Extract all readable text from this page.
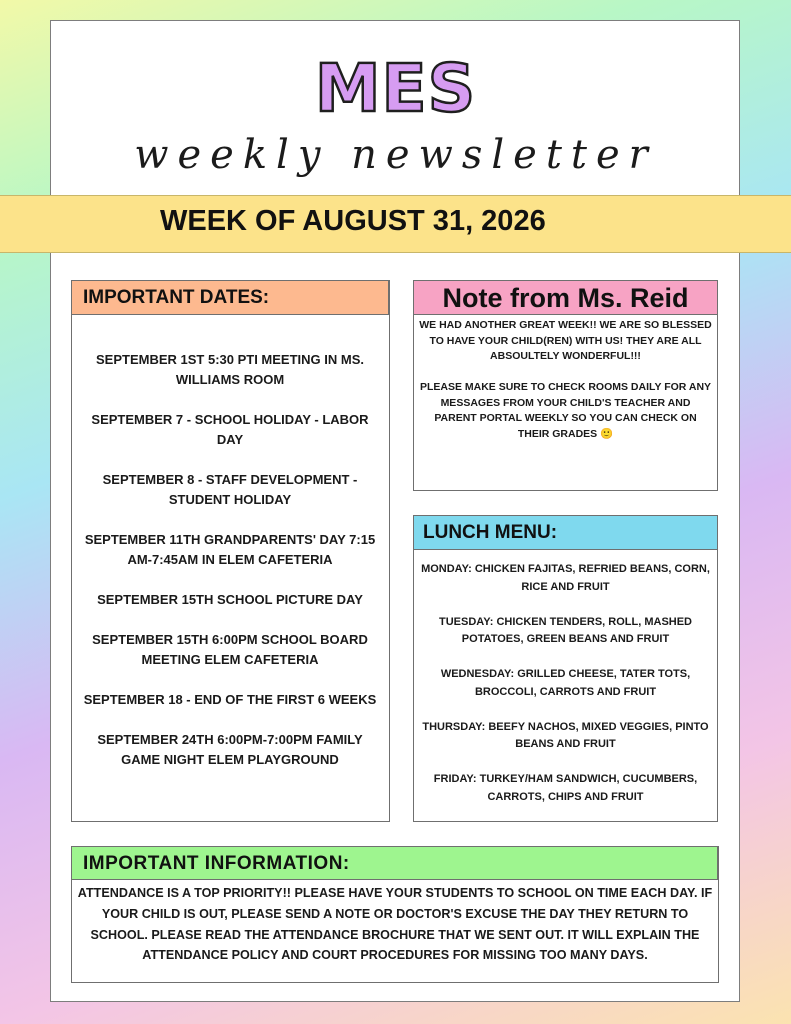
MES
weekly newsletter
WEEK OF AUGUST 31, 2026
IMPORTANT DATES:

SEPTEMBER 1ST 5:30 PTI MEETING IN MS. WILLIAMS ROOM

SEPTEMBER 7 - SCHOOL HOLIDAY - LABOR DAY

SEPTEMBER 8 - STAFF DEVELOPMENT - STUDENT HOLIDAY

SEPTEMBER 11TH GRANDPARENTS' DAY 7:15 AM-7:45AM IN ELEM CAFETERIA

SEPTEMBER 15TH SCHOOL PICTURE DAY

SEPTEMBER 15TH 6:00PM SCHOOL BOARD MEETING ELEM CAFETERIA

SEPTEMBER 18 - END OF THE FIRST 6 WEEKS

SEPTEMBER 24TH 6:00PM-7:00PM FAMILY GAME NIGHT ELEM PLAYGROUND

Note from Ms. Reid

WE HAD ANOTHER GREAT WEEK!! WE ARE SO BLESSED TO HAVE YOUR CHILD(REN) WITH US! THEY ARE ALL ABSOULTELY WONDERFUL!!!

PLEASE MAKE SURE TO CHECK ROOMS DAILY FOR ANY MESSAGES FROM YOUR CHILD'S TEACHER AND PARENT PORTAL WEEKLY SO YOU CAN CHECK ON THEIR GRADES 🙂

LUNCH MENU:

MONDAY: CHICKEN FAJITAS, REFRIED BEANS, CORN, RICE AND FRUIT

TUESDAY: CHICKEN TENDERS, ROLL, MASHED POTATOES, GREEN BEANS AND FRUIT

WEDNESDAY: GRILLED CHEESE, TATER TOTS, BROCCOLI, CARROTS AND FRUIT

THURSDAY: BEEFY NACHOS, MIXED VEGGIES, PINTO BEANS AND FRUIT

FRIDAY: TURKEY/HAM SANDWICH, CUCUMBERS, CARROTS, CHIPS AND FRUIT

IMPORTANT INFORMATION:
ATTENDANCE IS A TOP PRIORITY!! PLEASE HAVE YOUR STUDENTS TO SCHOOL ON TIME EACH DAY. IF YOUR CHILD IS OUT, PLEASE SEND A NOTE OR DOCTOR'S EXCUSE THE DAY THEY RETURN TO SCHOOL. PLEASE READ THE ATTENDANCE BROCHURE THAT WE SENT OUT. IT WILL EXPLAIN THE ATTENDANCE POLICY AND COURT PROCEDURES FOR MISSING TOO MANY DAYS.
